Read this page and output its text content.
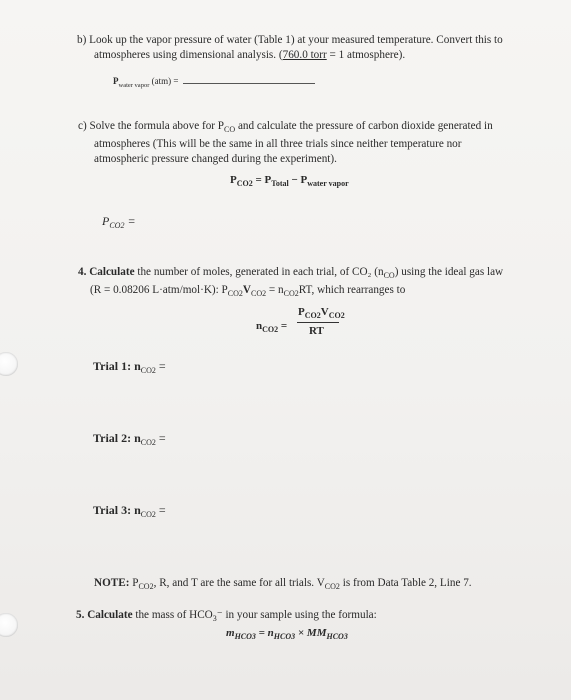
b) Look up the vapor pressure of water (Table 1) at your measured temperature. Convert this to
atmospheres using dimensional analysis. (760.0 torr = 1 atmosphere).
$P_{water vapor}$ (atm) =
c) Solve the formula above for $P_{CO}$ and calculate the pressure of carbon dioxide generated in
atmospheres (This will be the same in all three trials since neither temperature nor
atmospheric pressure changed during the experiment).
$P_{CO2} = P_{Total} - P_{water vapor}$
$P_{CO2}$ =
4. Calculate the number of moles, generated in each trial, of CO₂ $(n_{CO})$ using the ideal gas law
(R = 0.08206 L·atm/mol·K): $P_{CO2}V_{CO2} = n_{CO2}RT$, which rearranges to
$n_{CO2}$ =
$P_{CO2}V_{CO2}$
RT
Trial 1: $n_{CO2}$ =
Trial 2: $n_{CO2}$ =
Trial 3: $n_{CO2}$ =
NOTE: $P_{CO2}$, R, and T are the same for all trials. $V_{CO2}$ is from Data Table 2, Line 7.
5. Calculate the mass of $HCO_3^-$ in your sample using the formula:
$m_{HCO3} = n_{HCO3} \times MM_{HCO3}$
